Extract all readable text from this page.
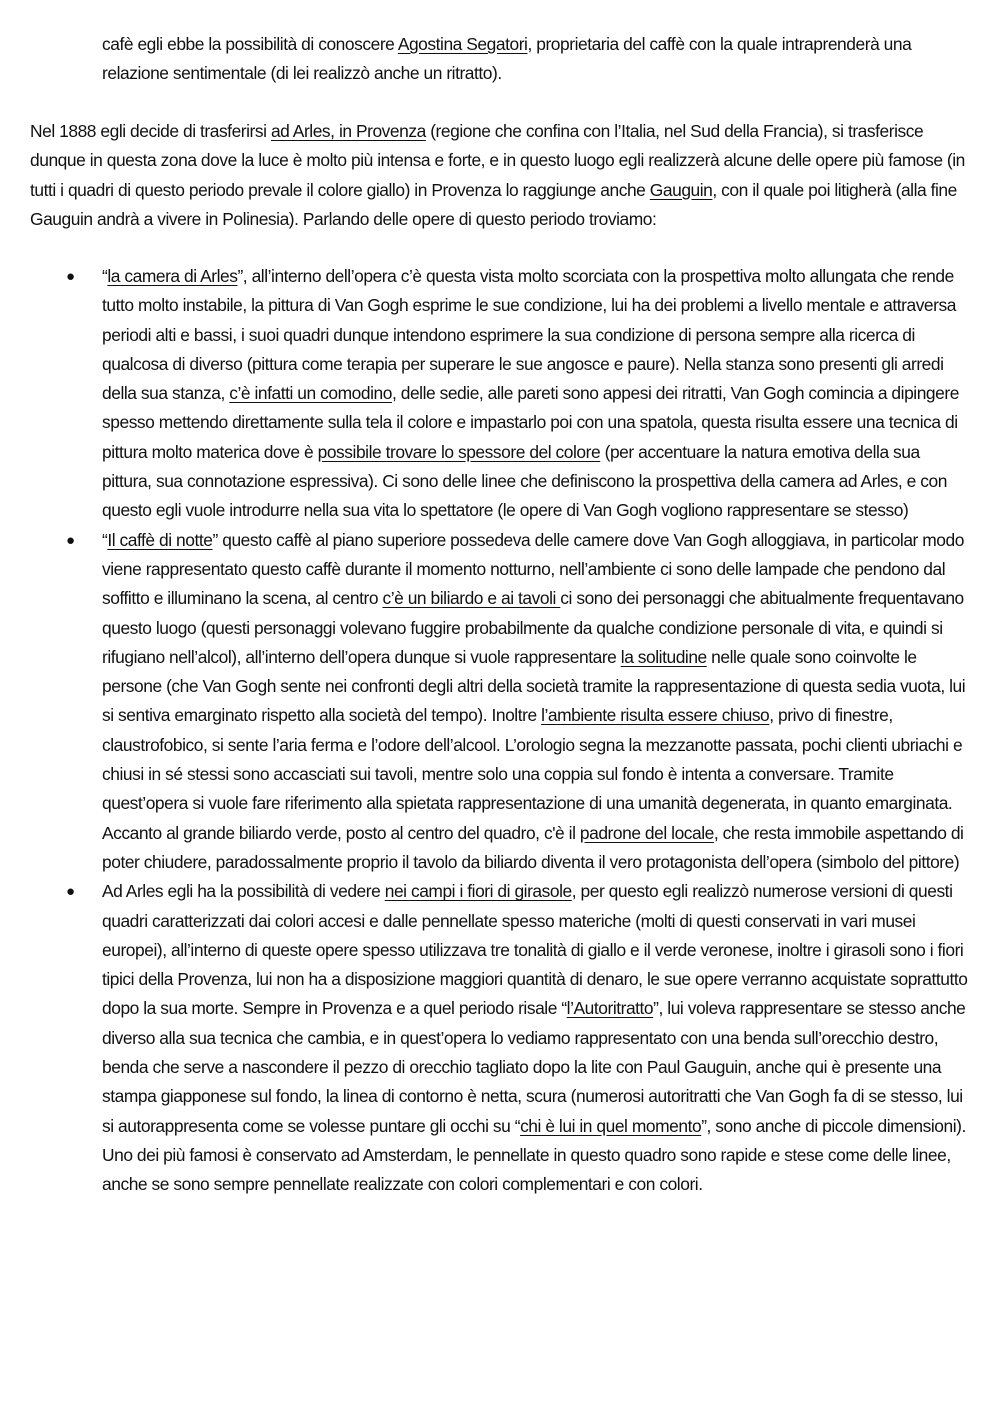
cafè egli ebbe la possibilità di conoscere Agostina Segatori, proprietaria del caffè con la quale intraprenderà una relazione sentimentale (di lei realizzò anche un ritratto).
Nel 1888 egli decide di trasferirsi ad Arles, in Provenza (regione che confina con l’Italia, nel Sud della Francia), si trasferisce dunque in questa zona dove la luce è molto più intensa e forte, e in questo luogo egli realizzerà alcune delle opere più famose (in tutti i quadri di questo periodo prevale il colore giallo) in Provenza lo raggiunge anche Gauguin, con il quale poi litigherà (alla fine Gauguin andrà a vivere in Polinesia). Parlando delle opere di questo periodo troviamo:
● “la camera di Arles”, all’interno dell’opera c’è questa vista molto scorciata con la prospettiva molto allungata che rende tutto molto instabile, la pittura di Van Gogh esprime le sue condizione, lui ha dei problemi a livello mentale e attraversa periodi alti e bassi, i suoi quadri dunque intendono esprimere la sua condizione di persona sempre alla ricerca di qualcosa di diverso (pittura come terapia per superare le sue angosce e paure). Nella stanza sono presenti gli arredi della sua stanza, c’è infatti un comodino, delle sedie, alle pareti sono appesi dei ritratti, Van Gogh comincia a dipingere spesso mettendo direttamente sulla tela il colore e impastarlo poi con una spatola, questa risulta essere una tecnica di pittura molto materica dove è possibile trovare lo spessore del colore (per accentuare la natura emotiva della sua pittura, sua connotazione espressiva). Ci sono delle linee che definiscono la prospettiva della camera ad Arles, e con questo egli vuole introdurre nella sua vita lo spettatore (le opere di Van Gogh vogliono rappresentare se stesso)
● “Il caffè di notte” questo caffè al piano superiore possedeva delle camere dove Van Gogh alloggiava, in particolar modo viene rappresentato questo caffè durante il momento notturno, nell’ambiente ci sono delle lampade che pendono dal soffitto e illuminano la scena, al centro c’è un biliardo e ai tavoli ci sono dei personaggi che abitualmente frequentavano questo luogo (questi personaggi volevano fuggire probabilmente da qualche condizione personale di vita, e quindi si rifugiano nell’alcol), all’interno dell’opera dunque si vuole rappresentare la solitudine nelle quale sono coinvolte le persone (che Van Gogh sente nei confronti degli altri della società tramite la rappresentazione di questa sedia vuota, lui si sentiva emarginato rispetto alla società del tempo). Inoltre l’ambiente risulta essere chiuso, privo di finestre, claustrofobico, si sente l’aria ferma e l’odore dell’alcool. L’orologio segna la mezzanotte passata, pochi clienti ubriachi e chiusi in sé stessi sono accasciati sui tavoli, mentre solo una coppia sul fondo è intenta a conversare. Tramite quest’opera si vuole fare riferimento alla spietata rappresentazione di una umanità degenerata, in quanto emarginata. Accanto al grande biliardo verde, posto al centro del quadro, c'è il padrone del locale, che resta immobile aspettando di poter chiudere, paradossalmente proprio il tavolo da biliardo diventa il vero protagonista dell’opera (simbolo del pittore)
● Ad Arles egli ha la possibilità di vedere nei campi i fiori di girasole, per questo egli realizzò numerose versioni di questi quadri caratterizzati dai colori accesi e dalle pennellate spesso materiche (molti di questi conservati in vari musei europei), all’interno di queste opere spesso utilizzava tre tonalità di giallo e il verde veronese, inoltre i girasoli sono i fiori tipici della Provenza, lui non ha a disposizione maggiori quantità di denaro, le sue opere verranno acquistate soprattutto dopo la sua morte. Sempre in Provenza e a quel periodo risale “l’Autoritratto”, lui voleva rappresentare se stesso anche diverso alla sua tecnica che cambia, e in quest’opera lo vediamo rappresentato con una benda sull’orecchio destro, benda che serve a nascondere il pezzo di orecchio tagliato dopo la lite con Paul Gauguin, anche qui è presente una stampa giapponese sul fondo, la linea di contorno è netta, scura (numerosi autoritratti che Van Gogh fa di se stesso, lui si autorappresenta come se volesse puntare gli occhi su “chi è lui in quel momento”, sono anche di piccole dimensioni). Uno dei più famosi è conservato ad Amsterdam, le pennellate in questo quadro sono rapide e stese come delle linee, anche se sono sempre pennellate realizzate con colori complementari e con colori.
